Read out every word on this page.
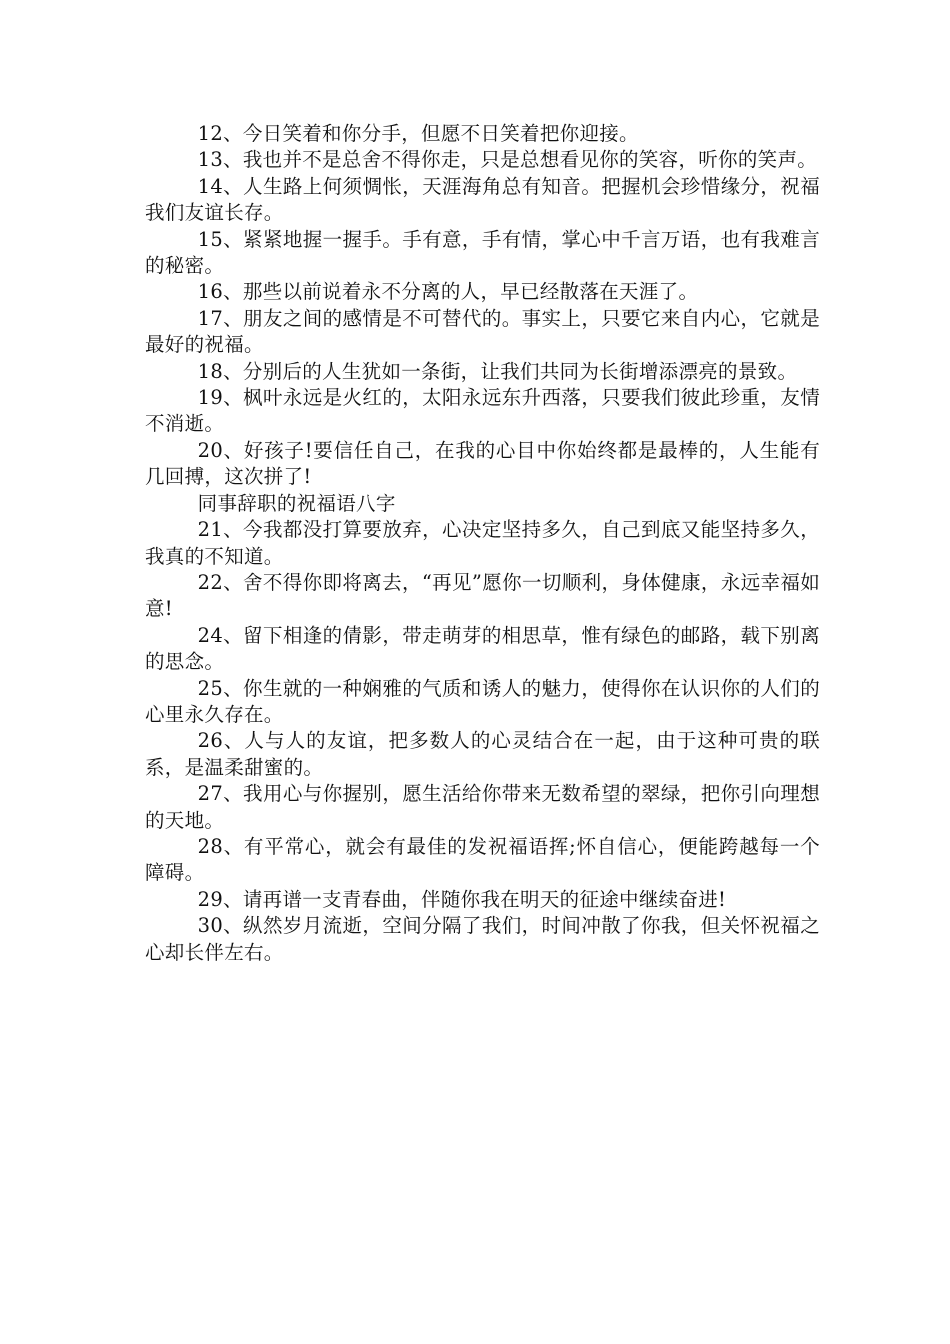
12、今日笑着和你分手，但愿不日笑着把你迎接。

13、我也并不是总舍不得你走，只是总想看见你的笑容，听你的笑声。

14、人生路上何须惆怅，天涯海角总有知音。把握机会珍惜缘分，祝福我们友谊长存。

15、紧紧地握一握手。手有意，手有情，掌心中千言万语，也有我难言的秘密。

16、那些以前说着永不分离的人，早已经散落在天涯了。

17、朋友之间的感情是不可替代的。事实上，只要它来自内心，它就是最好的祝福。

18、分别后的人生犹如一条街，让我们共同为长街增添漂亮的景致。

19、枫叶永远是火红的，太阳永远东升西落，只要我们彼此珍重，友情不消逝。

20、好孩子!要信任自己，在我的心目中你始终都是最棒的，人生能有几回搏，这次拼了!

同事辞职的祝福语八字

21、今我都没打算要放弃，心决定坚持多久，自己到底又能坚持多久，我真的不知道。

22、舍不得你即将离去，“再见”愿你一切顺利，身体健康，永远幸福如意!

24、留下相逢的倩影，带走萌芽的相思草，惟有绿色的邮路，载下别离的思念。

25、你生就的一种娴雅的气质和诱人的魅力，使得你在认识你的人们的心里永久存在。

26、人与人的友谊，把多数人的心灵结合在一起，由于这种可贵的联系，是温柔甜蜜的。

27、我用心与你握别，愿生活给你带来无数希望的翠绿，把你引向理想的天地。

28、有平常心，就会有最佳的发祝福语挥;怀自信心，便能跨越每一个障碍。

29、请再谱一支青春曲，伴随你我在明天的征途中继续奋进!

30、纵然岁月流逝，空间分隔了我们，时间冲散了你我，但关怀祝福之心却长伴左右。
